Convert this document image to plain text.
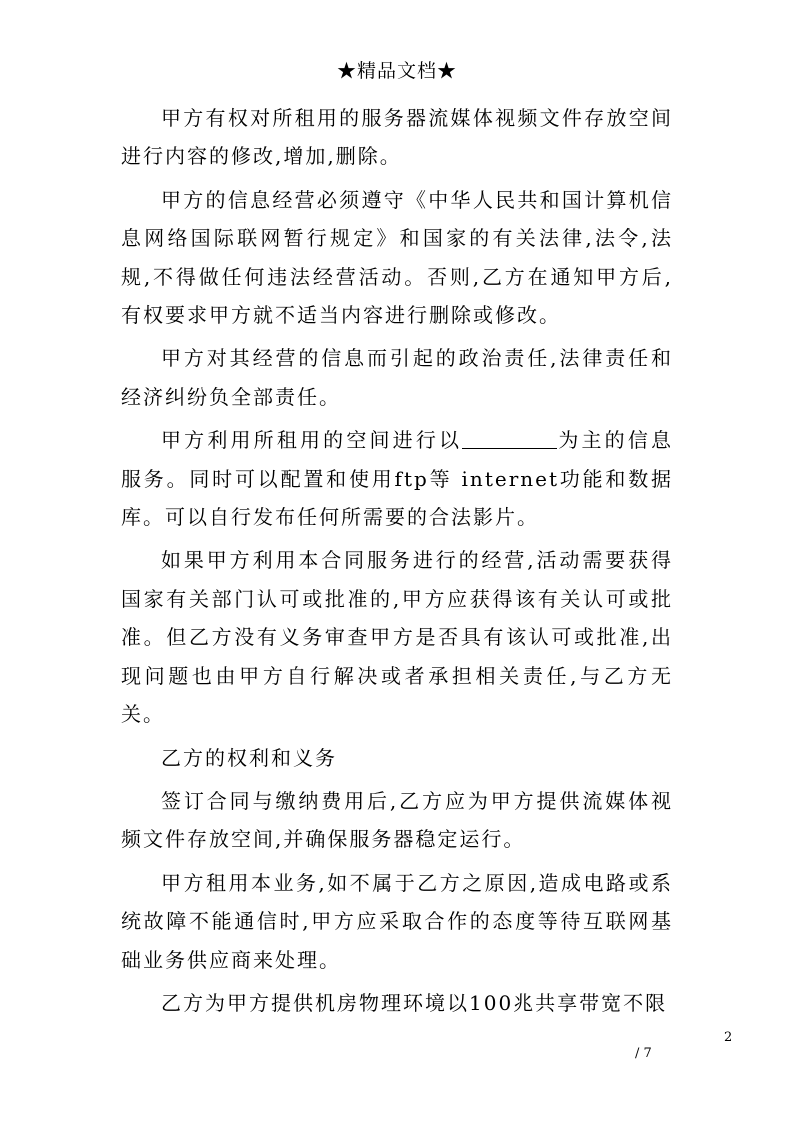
★精品文档★

甲方有权对所租用的服务器流媒体视频文件存放空间进行内容的修改,增加,删除。

甲方的信息经营必须遵守《中华人民共和国计算机信息网络国际联网暂行规定》和国家的有关法律,法令,法规,不得做任何违法经营活动。否则,乙方在通知甲方后,有权要求甲方就不适当内容进行删除或修改。

甲方对其经营的信息而引起的政治责任,法律责任和经济纠纷负全部责任。

甲方利用所租用的空间进行以	为主的信息服务。同时可以配置和使用ftp等 internet功能和数据库。可以自行发布任何所需要的合法影片。

如果甲方利用本合同服务进行的经营,活动需要获得国家有关部门认可或批准的,甲方应获得该有关认可或批准。但乙方没有义务审查甲方是否具有该认可或批准,出现问题也由甲方自行解决或者承担相关责任,与乙方无关。

乙方的权利和义务

签订合同与缴纳费用后,乙方应为甲方提供流媒体视频文件存放空间,并确保服务器稳定运行。

甲方租用本业务,如不属于乙方之原因,造成电路或系统故障不能通信时,甲方应采取合作的态度等待互联网基础业务供应商来处理。

乙方为甲方提供机房物理环境以100兆共享带宽不限

2
/ 7
